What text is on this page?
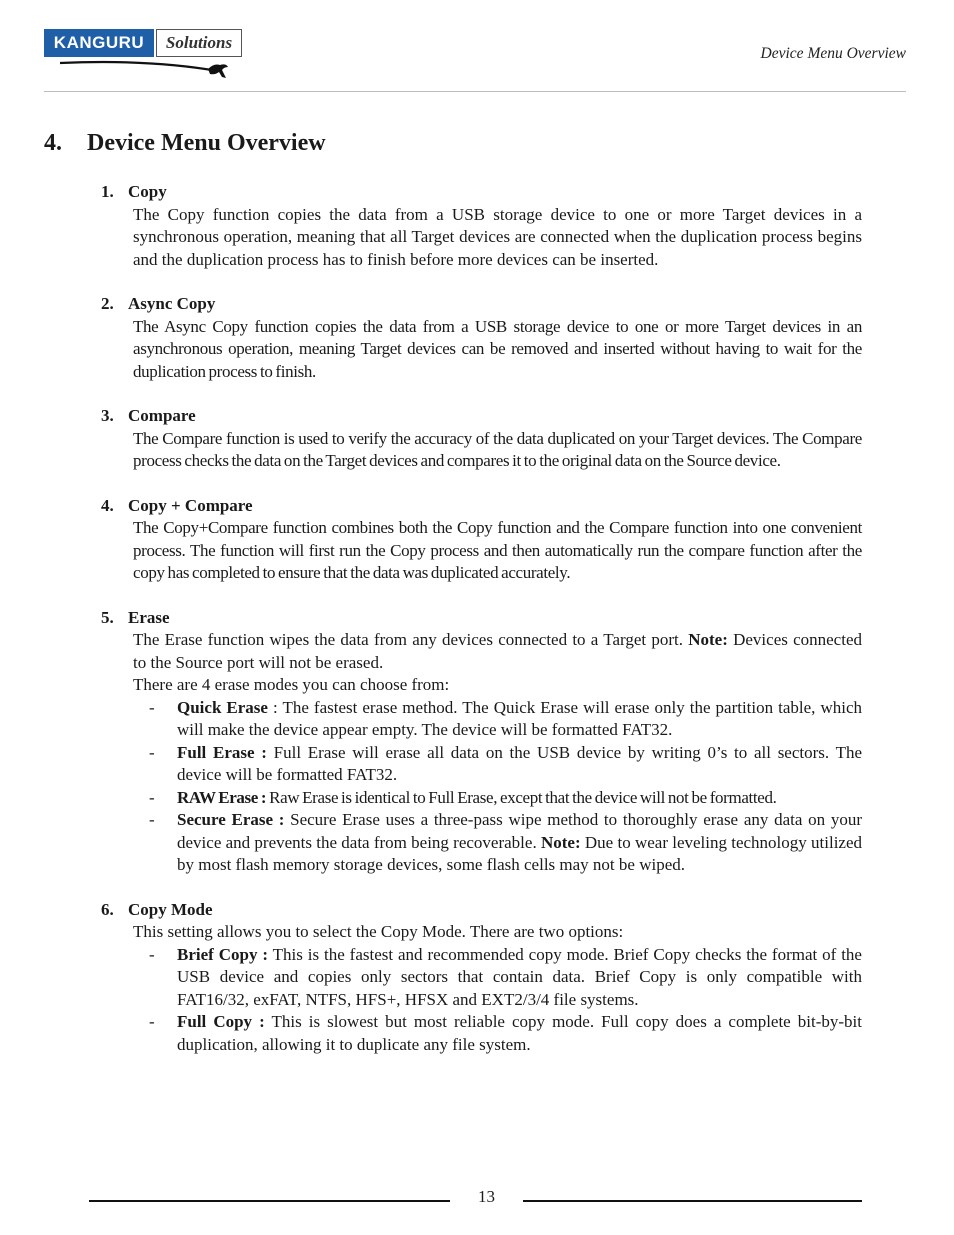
KANGURU	Solutions
Device Menu Overview
4. Device Menu Overview
1. Copy

The Copy function copies the data from a USB storage device to one or more Target devices in a synchronous operation, meaning that all Target devices are connected when the duplication process begins and the duplication process has to finish before more devices can be inserted.

2. Async Copy

The Async Copy function copies the data from a USB storage device to one or more Target devices in an asynchronous operation, meaning Target devices can be removed and inserted without having to wait for the duplication process to finish.

3. Compare

The Compare function is used to verify the accuracy of the data duplicated on your Target devices. The Compare process checks the data on the Target devices and compares it to the original data on the Source device.

4. Copy + Compare

The Copy+Compare function combines both the Copy function and the Compare function into one convenient process. The function will first run the Copy process and then automatically run the compare function after the copy has completed to ensure that the data was duplicated accurately.

5. Erase

The Erase function wipes the data from any devices connected to a Target port. Note: Devices connected to the Source port will not be erased.

There are 4 erase modes you can choose from:

- Quick Erase : The fastest erase method. The Quick Erase will erase only the partition table, which will make the device appear empty. The device will be formatted FAT32.
- Full Erase : Full Erase will erase all data on the USB device by writing 0’s to all sectors. The device will be formatted FAT32.
- RAW Erase : Raw Erase is identical to Full Erase, except that the device will not be formatted.
- Secure Erase : Secure Erase uses a three-pass wipe method to thoroughly erase any data on your device and prevents the data from being recoverable. Note: Due to wear leveling technology utilized by most flash memory storage devices, some flash cells may not be wiped.
6. Copy Mode

This setting allows you to select the Copy Mode. There are two options:

- Brief Copy : This is the fastest and recommended copy mode. Brief Copy checks the format of the USB device and copies only sectors that contain data. Brief Copy is only compatible with FAT16/32, exFAT, NTFS, HFS+, HFSX and EXT2/3/4 file systems.
- Full Copy : This is slowest but most reliable copy mode. Full copy does a complete bit-by-bit duplication, allowing it to duplicate any file system.
13
